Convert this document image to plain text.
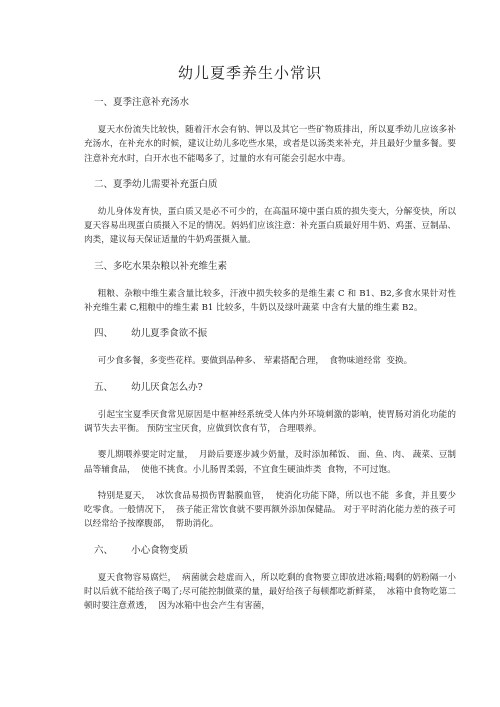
幼儿夏季养生小常识
一、夏季注意补充汤水
夏天水份流失比较快，随着汗水会有钠、钾以及其它一些矿物质排出，所以夏季幼儿应该多补充汤水，在补充水的时候，建议让幼儿多吃些水果，或者是以汤类来补充，并且最好少量多餐。要注意补充水时，白开水也不能喝多了，过量的水有可能会引起水中毒。
二、夏季幼儿需要补充蛋白质
幼儿身体发育快，蛋白质又是必不可少的，在高温环境中蛋白质的损失变大，分解变快，所以夏天容易出现蛋白质摄入不足的情况。妈妈们应该注意：补充蛋白质最好用牛奶、鸡蛋、豆制品、肉类，建议每天保证适量的牛奶鸡蛋摄入量。
三、多吃水果杂粮以补充维生素
粗粮、杂粮中维生素含量比较多，汗液中损失较多的是维生素 C 和 B1、B2,多食水果针对性补充维生素 C,粗粮中的维生素 B1 比较多，牛奶以及绿叶蔬菜 中含有大量的维生素 B2。
四、      幼儿夏季食欲不振
可少食多餐，多变些花样。要做到品种多、 荤素搭配合理，  食物味道经常  变换。
五、      幼儿厌食怎么办?
引起宝宝夏季厌食常见原因是中枢神经系统受人体内外环境刺激的影响，使胃肠对消化功能的调节失去平衡。 预防宝宝厌食，应做到饮食有节， 合理喂养。
婴儿期喂养要定时定量，  月龄后要逐步减少奶量，及时添加稀饭、 面、鱼、肉、 蔬菜、豆制品等辅食品，  使他不挑食。小儿肠胃柔弱，不宜食生硬油炸类  食物，不可过饱。
特别是夏天，  冰饮食品易损伤胃黏膜血管，  使消化功能下降，所以也不能  多食，并且要少吃零食。一般情况下，  孩子能正常饮食就不要再额外添加保健品。 对于平时消化能力差的孩子可以经常给予按摩腹部，  帮助消化。
六、      小心食物变质
夏天食物容易腐烂，  病菌就会趁虚而入，所以吃剩的食物要立即放进冰箱;喝剩的奶粉隔一小时以后就不能给孩子喝了;尽可能控制做菜的量，最好给孩子每顿都吃新鲜菜，  冰箱中食物吃第二顿时要注意煮透，  因为冰箱中也会产生有害菌，
